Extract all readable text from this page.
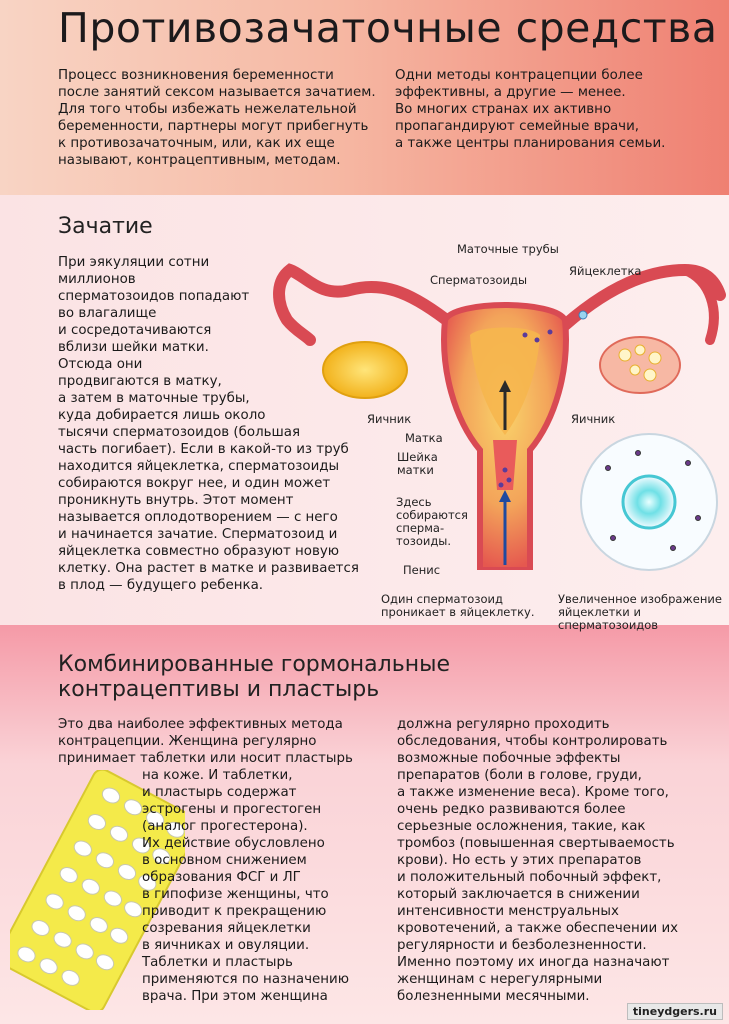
Противозачаточные средства

Процесс возникновения беременности
после занятий сексом называется зачатием.
Для того чтобы избежать нежелательной
беременности, партнеры могут прибегнуть
к противозачаточным, или, как их еще
называют, контрацептивным, методам.

Одни методы контрацепции более
эффективны, а другие — менее.
Во многих странах их активно
пропагандируют семейные врачи,
а также центры планирования семьи.

Зачатие

При эякуляции сотни
миллионов
сперматозоидов попадают
во влагалище
и сосредотачиваются
вблизи шейки матки.
Отсюда они
продвигаются в матку,
а затем в маточные трубы,
куда добирается лишь около
тысячи сперматозоидов (большая
часть погибает). Если в какой-то из труб
находится яйцеклетка, сперматозоиды
собираются вокруг нее, и один может
проникнуть внутрь. Этот момент
называется оплодотворением — с него
и начинается зачатие. Сперматозоид и
яйцеклетка совместно образуют новую
клетку. Она растет в матке и развивается
в плод — будущего ребенка.

Маточные трубы
Сперматозоиды
Яйцеклетка
Яичник	Яичник
Матка
Шейка
матки
Здесь
собираются
сперма-
тозоиды.
Пенис
Один сперматозоид
проникает в яйцеклетку.
Увеличенное изображение
яйцеклетки и сперматозоидов
Комбинированные гормональные
контрацептивы и пластырь

Это два наиболее эффективных метода
контрацепции. Женщина регулярно
принимает таблетки или носит пластырь

на коже. И таблетки,
и пластырь содержат
эстрогены и прогестоген
(аналог прогестерона).
Их действие обусловлено
в основном снижением
образования ФСГ и ЛГ
в гипофизе женщины, что
приводит к прекращению
созревания яйцеклетки
в яичниках и овуляции.
Таблетки и пластырь
применяются по назначению
врача. При этом женщина

должна регулярно проходить
обследования, чтобы контролировать
возможные побочные эффекты
препаратов (боли в голове, груди,
а также изменение веса). Кроме того,
очень редко развиваются более
серьезные осложнения, такие, как
тромбоз (повышенная свертываемость
крови). Но есть у этих препаратов
и положительный побочный эффект,
который заключается в снижении
интенсивности менструальных
кровотечений, а также обеспечении их
регулярности и безболезненности.
Именно поэтому их иногда назначают
женщинам с нерегулярными
болезненными месячными.

tineydgers.ru
